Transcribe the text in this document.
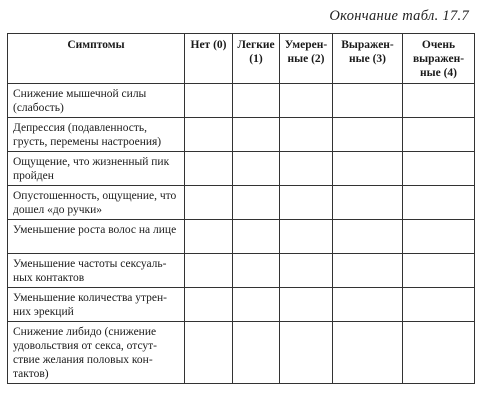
Окончание табл. 17.7
Симптомы	Нет (0)	Легкие (1)	Умерен-ные (2)	Выражен-ные (3)	Очень выражен-ные (4)
Снижение мышечной силы (слабость)					
Депрессия (подавленность, грусть, перемены настроения)					
Ощущение, что жизненный пик пройден					
Опустошенность, ощущение, что дошел «до ручки»					
Уменьшение роста волос на лице					
Уменьшение частоты сексуаль-ных контактов					
Уменьшение количества утрен-них эрекций					
Снижение либидо (снижение удовольствия от секса, отсут-ствие желания половых кон-тактов)					
